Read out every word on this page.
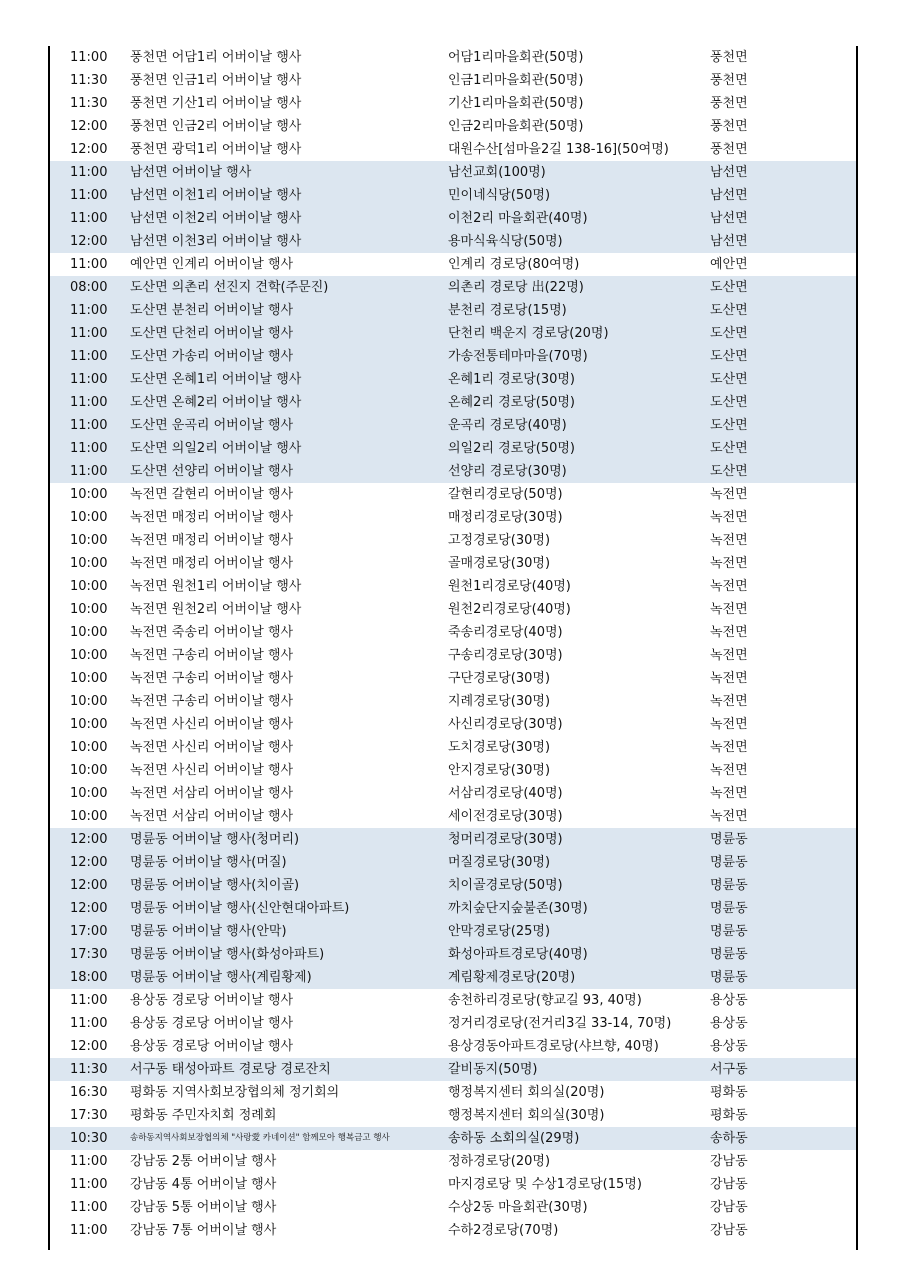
11:00	풍천면 어담1리 어버이날 행사	어담1리마을회관(50명)	풍천면
11:30	풍천면 인금1리 어버이날 행사	인금1리마을회관(50명)	풍천면
11:30	풍천면 기산1리 어버이날 행사	기산1리마을회관(50명)	풍천면
12:00	풍천면 인금2리 어버이날 행사	인금2리마을회관(50명)	풍천면
12:00	풍천면 광덕1리 어버이날 행사	대원수산[섬마을2길 138-16](50여명)	풍천면
11:00	남선면 어버이날 행사	남선교회(100명)	남선면
11:00	남선면 이천1리 어버이날 행사	민이네식당(50명)	남선면
11:00	남선면 이천2리 어버이날 행사	이천2리 마을회관(40명)	남선면
12:00	남선면 이천3리 어버이날 행사	용마식육식당(50명)	남선면
11:00	예안면 인계리 어버이날 행사	인계리 경로당(80여명)	예안면
08:00	도산면 의촌리 선진지 견학(주문진)	의촌리 경로당 出(22명)	도산면
11:00	도산면 분천리 어버이날 행사	분천리 경로당(15명)	도산면
11:00	도산면 단천리 어버이날 행사	단천리 백운지 경로당(20명)	도산면
11:00	도산면 가송리 어버이날 행사	가송전통테마마을(70명)	도산면
11:00	도산면 온혜1리 어버이날 행사	온혜1리 경로당(30명)	도산면
11:00	도산면 온혜2리 어버이날 행사	온혜2리 경로당(50명)	도산면
11:00	도산면 운곡리 어버이날 행사	운곡리 경로당(40명)	도산면
11:00	도산면 의일2리 어버이날 행사	의일2리 경로당(50명)	도산면
11:00	도산면 선양리 어버이날 행사	선양리 경로당(30명)	도산면
10:00	녹전면 갈현리 어버이날 행사	갈현리경로당(50명)	녹전면
10:00	녹전면 매정리 어버이날 행사	매정리경로당(30명)	녹전면
10:00	녹전면 매정리 어버이날 행사	고정경로당(30명)	녹전면
10:00	녹전면 매정리 어버이날 행사	골매경로당(30명)	녹전면
10:00	녹전면 원천1리 어버이날 행사	원천1리경로당(40명)	녹전면
10:00	녹전면 원천2리 어버이날 행사	원천2리경로당(40명)	녹전면
10:00	녹전면 죽송리 어버이날 행사	죽송리경로당(40명)	녹전면
10:00	녹전면 구송리 어버이날 행사	구송리경로당(30명)	녹전면
10:00	녹전면 구송리 어버이날 행사	구단경로당(30명)	녹전면
10:00	녹전면 구송리 어버이날 행사	지례경로당(30명)	녹전면
10:00	녹전면 사신리 어버이날 행사	사신리경로당(30명)	녹전면
10:00	녹전면 사신리 어버이날 행사	도치경로당(30명)	녹전면
10:00	녹전면 사신리 어버이날 행사	안지경로당(30명)	녹전면
10:00	녹전면 서삼리 어버이날 행사	서삼리경로당(40명)	녹전면
10:00	녹전면 서삼리 어버이날 행사	세이전경로당(30명)	녹전면
12:00	명륜동 어버이날 행사(청머리)	청머리경로당(30명)	명륜동
12:00	명륜동 어버이날 행사(머질)	머질경로당(30명)	명륜동
12:00	명륜동 어버이날 행사(치이골)	치이골경로당(50명)	명륜동
12:00	명륜동 어버이날 행사(신안현대아파트)	까치숲단지숲불존(30명)	명륜동
17:00	명륜동 어버이날 행사(안막)	안막경로당(25명)	명륜동
17:30	명륜동 어버이날 행사(화성아파트)	화성아파트경로당(40명)	명륜동
18:00	명륜동 어버이날 행사(계림황제)	계림황제경로당(20명)	명륜동
11:00	용상동 경로당 어버이날 행사	송천하리경로당(향교길 93, 40명)	용상동
11:00	용상동 경로당 어버이날 행사	정거리경로당(전거리3길 33-14, 70명)	용상동
12:00	용상동 경로당 어버이날 행사	용상경동아파트경로당(샤브향, 40명)	용상동
11:30	서구동 태성아파트 경로당 경로잔치	갈비동지(50명)	서구동
16:30	평화동 지역사회보장협의체 정기회의	행정복지센터 회의실(20명)	평화동
17:30	평화동 주민자치회 정례회	행정복지센터 회의실(30명)	평화동
10:30	송하동지역사회보장협의체 "사랑愛 카네이션" 함께모아 행복금고 행사	송하동 소회의실(29명)	송하동
11:00	강남동 2통 어버이날 행사	정하경로당(20명)	강남동
11:00	강남동 4통 어버이날 행사	마지경로당 및 수상1경로당(15명)	강남동
11:00	강남동 5통 어버이날 행사	수상2동 마을회관(30명)	강남동
11:00	강남동 7통 어버이날 행사	수하2경로당(70명)	강남동
